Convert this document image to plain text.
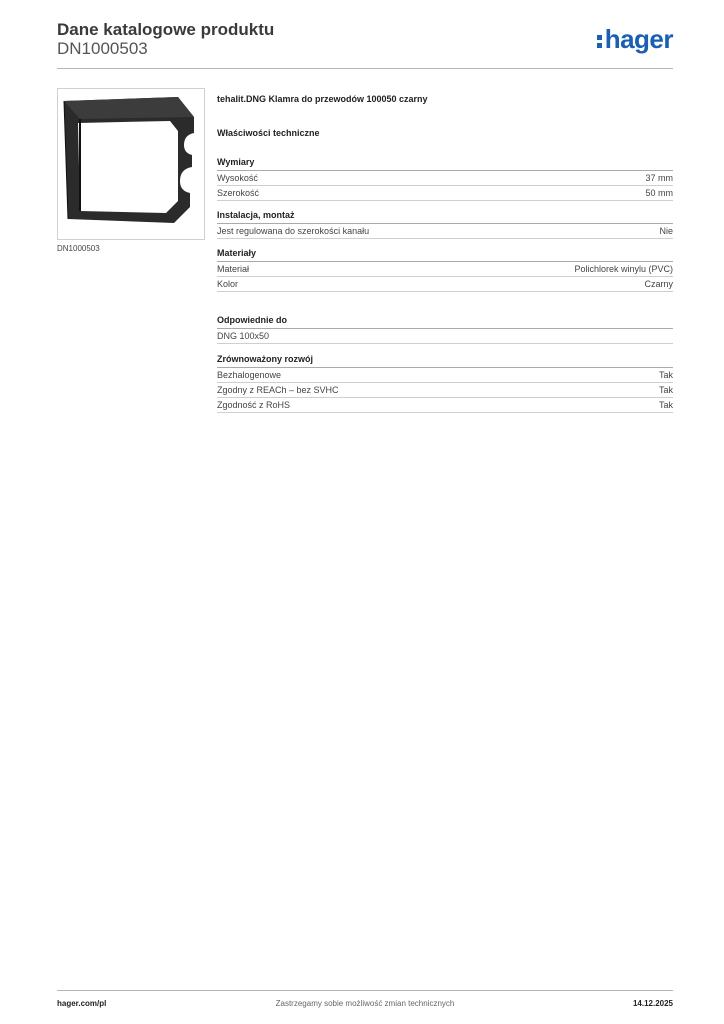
Dane katalogowe produktu
DN1000503	hager
DN1000503
tehalit.DNG Klamra do przewodów 100050 czarny
Właściwości techniczne
Wymiary
Wysokość	37 mm
Szerokość	50 mm
Instalacja, montaż
Jest regulowana do szerokości kanału	Nie
Materiały
Materiał	Polichlorek winylu (PVC)
Kolor	Czarny
Odpowiednie do
DNG 100x50
Zrównoważony rozwój
Bezhalogenowe	Tak
Zgodny z REACh – bez SVHC	Tak
Zgodność z RoHS	Tak
hager.com/pl	Zastrzegamy sobie możliwość zmian technicznych	14.12.2025
